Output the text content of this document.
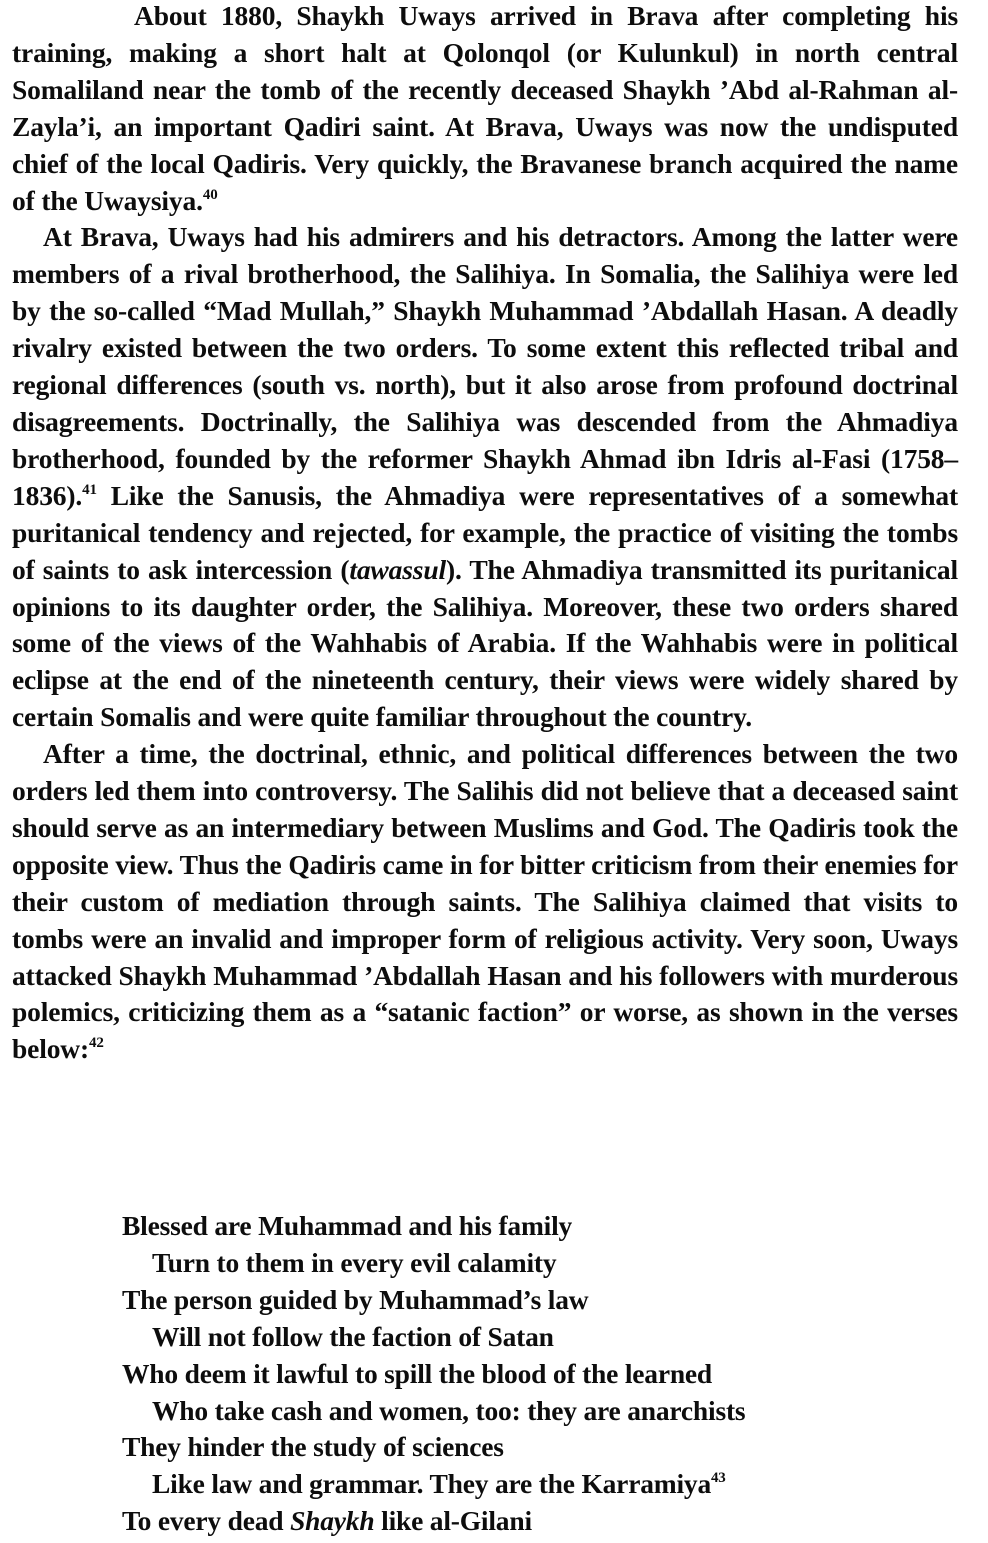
About 1880, Shaykh Uways arrived in Brava after completing his training, making a short halt at Qolonqol (or Kulunkul) in north central Somaliland near the tomb of the recently deceased Shaykh ’Abd al-Rahman al-Zayla’i, an important Qadiri saint. At Brava, Uways was now the undisputed chief of the local Qadiris. Very quickly, the Bravanese branch acquired the name of the Uwaysiya.$^{40}$

At Brava, Uways had his admirers and his detractors. Among the latter were members of a rival brotherhood, the Salihiya. In Somalia, the Salihiya were led by the so-called “Mad Mullah,” Shaykh Muhammad ’Abdallah Hasan. A deadly rivalry existed between the two orders. To some extent this reflected tribal and regional differences (south vs. north), but it also arose from profound doctrinal disagreements. Doctrinally, the Salihiya was descended from the Ahmadiya brotherhood, founded by the reformer Shaykh Ahmad ibn Idris al-Fasi (1758–1836).$^{41}$ Like the Sanusis, the Ahmadiya were representatives of a somewhat puritanical tendency and rejected, for example, the practice of visiting the tombs of saints to ask intercession (tawassul). The Ahmadiya transmitted its puritanical opinions to its daughter order, the Salihiya. Moreover, these two orders shared some of the views of the Wahhabis of Arabia. If the Wahhabis were in political eclipse at the end of the nineteenth century, their views were widely shared by certain Somalis and were quite familiar throughout the country.

After a time, the doctrinal, ethnic, and political differences between the two orders led them into controversy. The Salihis did not believe that a deceased saint should serve as an intermediary between Muslims and God. The Qadiris took the opposite view. Thus the Qadiris came in for bitter criticism from their enemies for their custom of mediation through saints. The Salihiya claimed that visits to tombs were an invalid and improper form of religious activity. Very soon, Uways attacked Shaykh Muhammad ’Abdallah Hasan and his followers with murderous polemics, criticizing them as a “satanic faction” or worse, as shown in the verses below:$^{42}$

Blessed are Muhammad and his family
Turn to them in every evil calamity
The person guided by Muhammad’s law
Will not follow the faction of Satan
Who deem it lawful to spill the blood of the learned
Who take cash and women, too: they are anarchists
They hinder the study of sciences
Like law and grammar. They are the Karramiya$^{43}$
To every dead Shaykh like al-Gilani
